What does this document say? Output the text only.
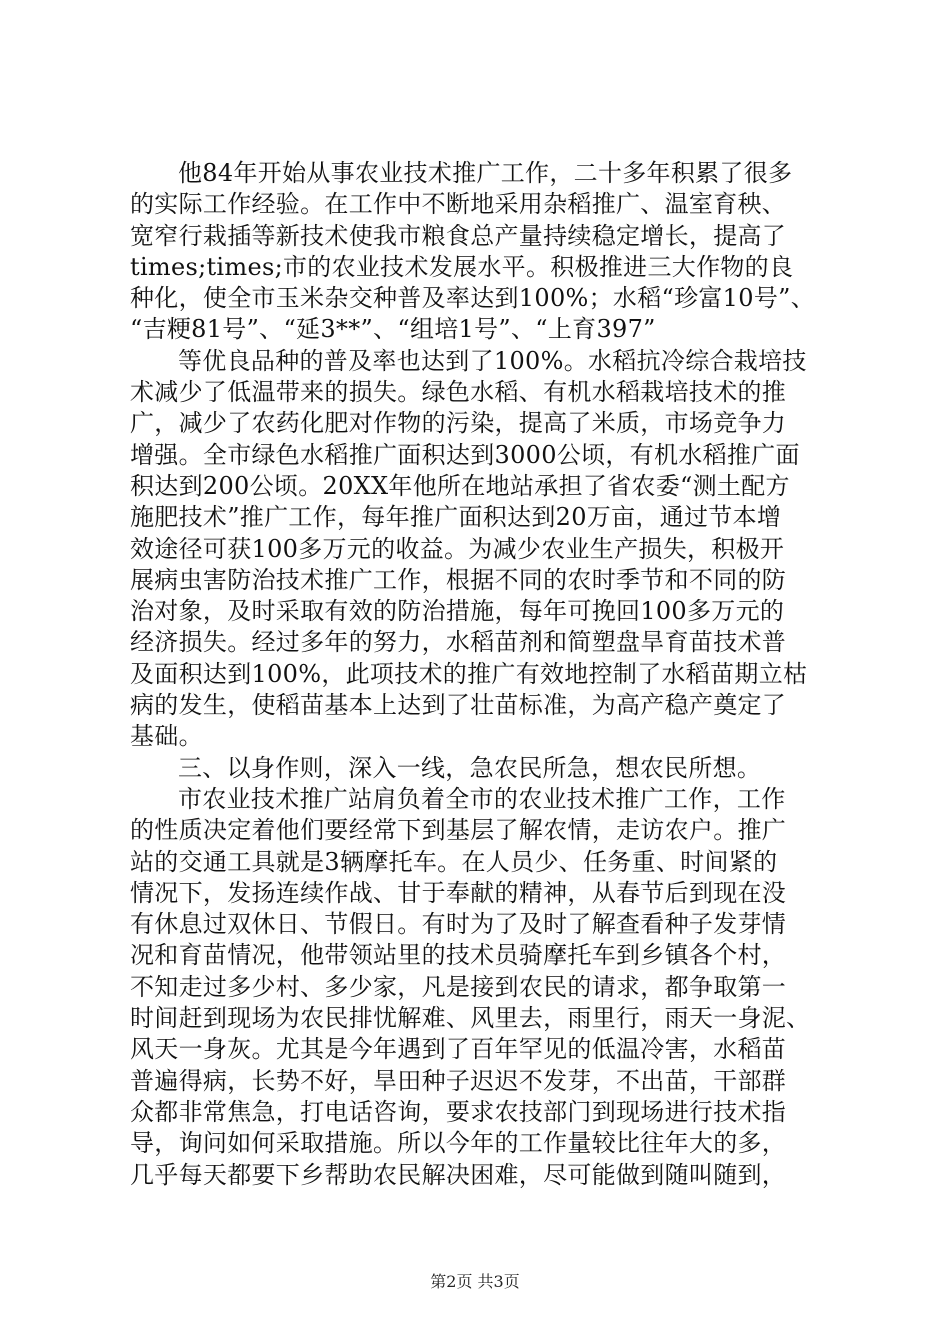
他84年开始从事农业技术推广工作，二十多年积累了很多
的实际工作经验。在工作中不断地采用杂稻推广、温室育秧、
宽窄行栽插等新技术使我市粮食总产量持续稳定增长，提高了
times;times;市的农业技术发展水平。积极推进三大作物的良
种化，使全市玉米杂交种普及率达到100%；水稻“珍富10号”、
“吉粳81号”、“延3**”、“组培1号”、“上育397”
等优良品种的普及率也达到了100%。水稻抗冷综合栽培技
术减少了低温带来的损失。绿色水稻、有机水稻栽培技术的推
广，减少了农药化肥对作物的污染，提高了米质，市场竞争力
增强。全市绿色水稻推广面积达到3000公顷，有机水稻推广面
积达到200公顷。20XX年他所在地站承担了省农委“测土配方
施肥技术”推广工作，每年推广面积达到20万亩，通过节本增
效途径可获100多万元的收益。为减少农业生产损失，积极开
展病虫害防治技术推广工作，根据不同的农时季节和不同的防
治对象，及时采取有效的防治措施，每年可挽回100多万元的
经济损失。经过多年的努力，水稻苗剂和简塑盘旱育苗技术普
及面积达到100%，此项技术的推广有效地控制了水稻苗期立枯
病的发生，使稻苗基本上达到了壮苗标准，为高产稳产奠定了
基础。
三、以身作则，深入一线，急农民所急，想农民所想。
市农业技术推广站肩负着全市的农业技术推广工作，工作
的性质决定着他们要经常下到基层了解农情，走访农户。推广
站的交通工具就是3辆摩托车。在人员少、任务重、时间紧的
情况下，发扬连续作战、甘于奉献的精神，从春节后到现在没
有休息过双休日、节假日。有时为了及时了解查看种子发芽情
况和育苗情况，他带领站里的技术员骑摩托车到乡镇各个村，
不知走过多少村、多少家，凡是接到农民的请求，都争取第一
时间赶到现场为农民排忧解难、风里去，雨里行，雨天一身泥、
风天一身灰。尤其是今年遇到了百年罕见的低温冷害，水稻苗
普遍得病，长势不好，旱田种子迟迟不发芽，不出苗，干部群
众都非常焦急，打电话咨询，要求农技部门到现场进行技术指
导，询问如何采取措施。所以今年的工作量较比往年大的多，
几乎每天都要下乡帮助农民解决困难，尽可能做到随叫随到，
第2页 共3页
